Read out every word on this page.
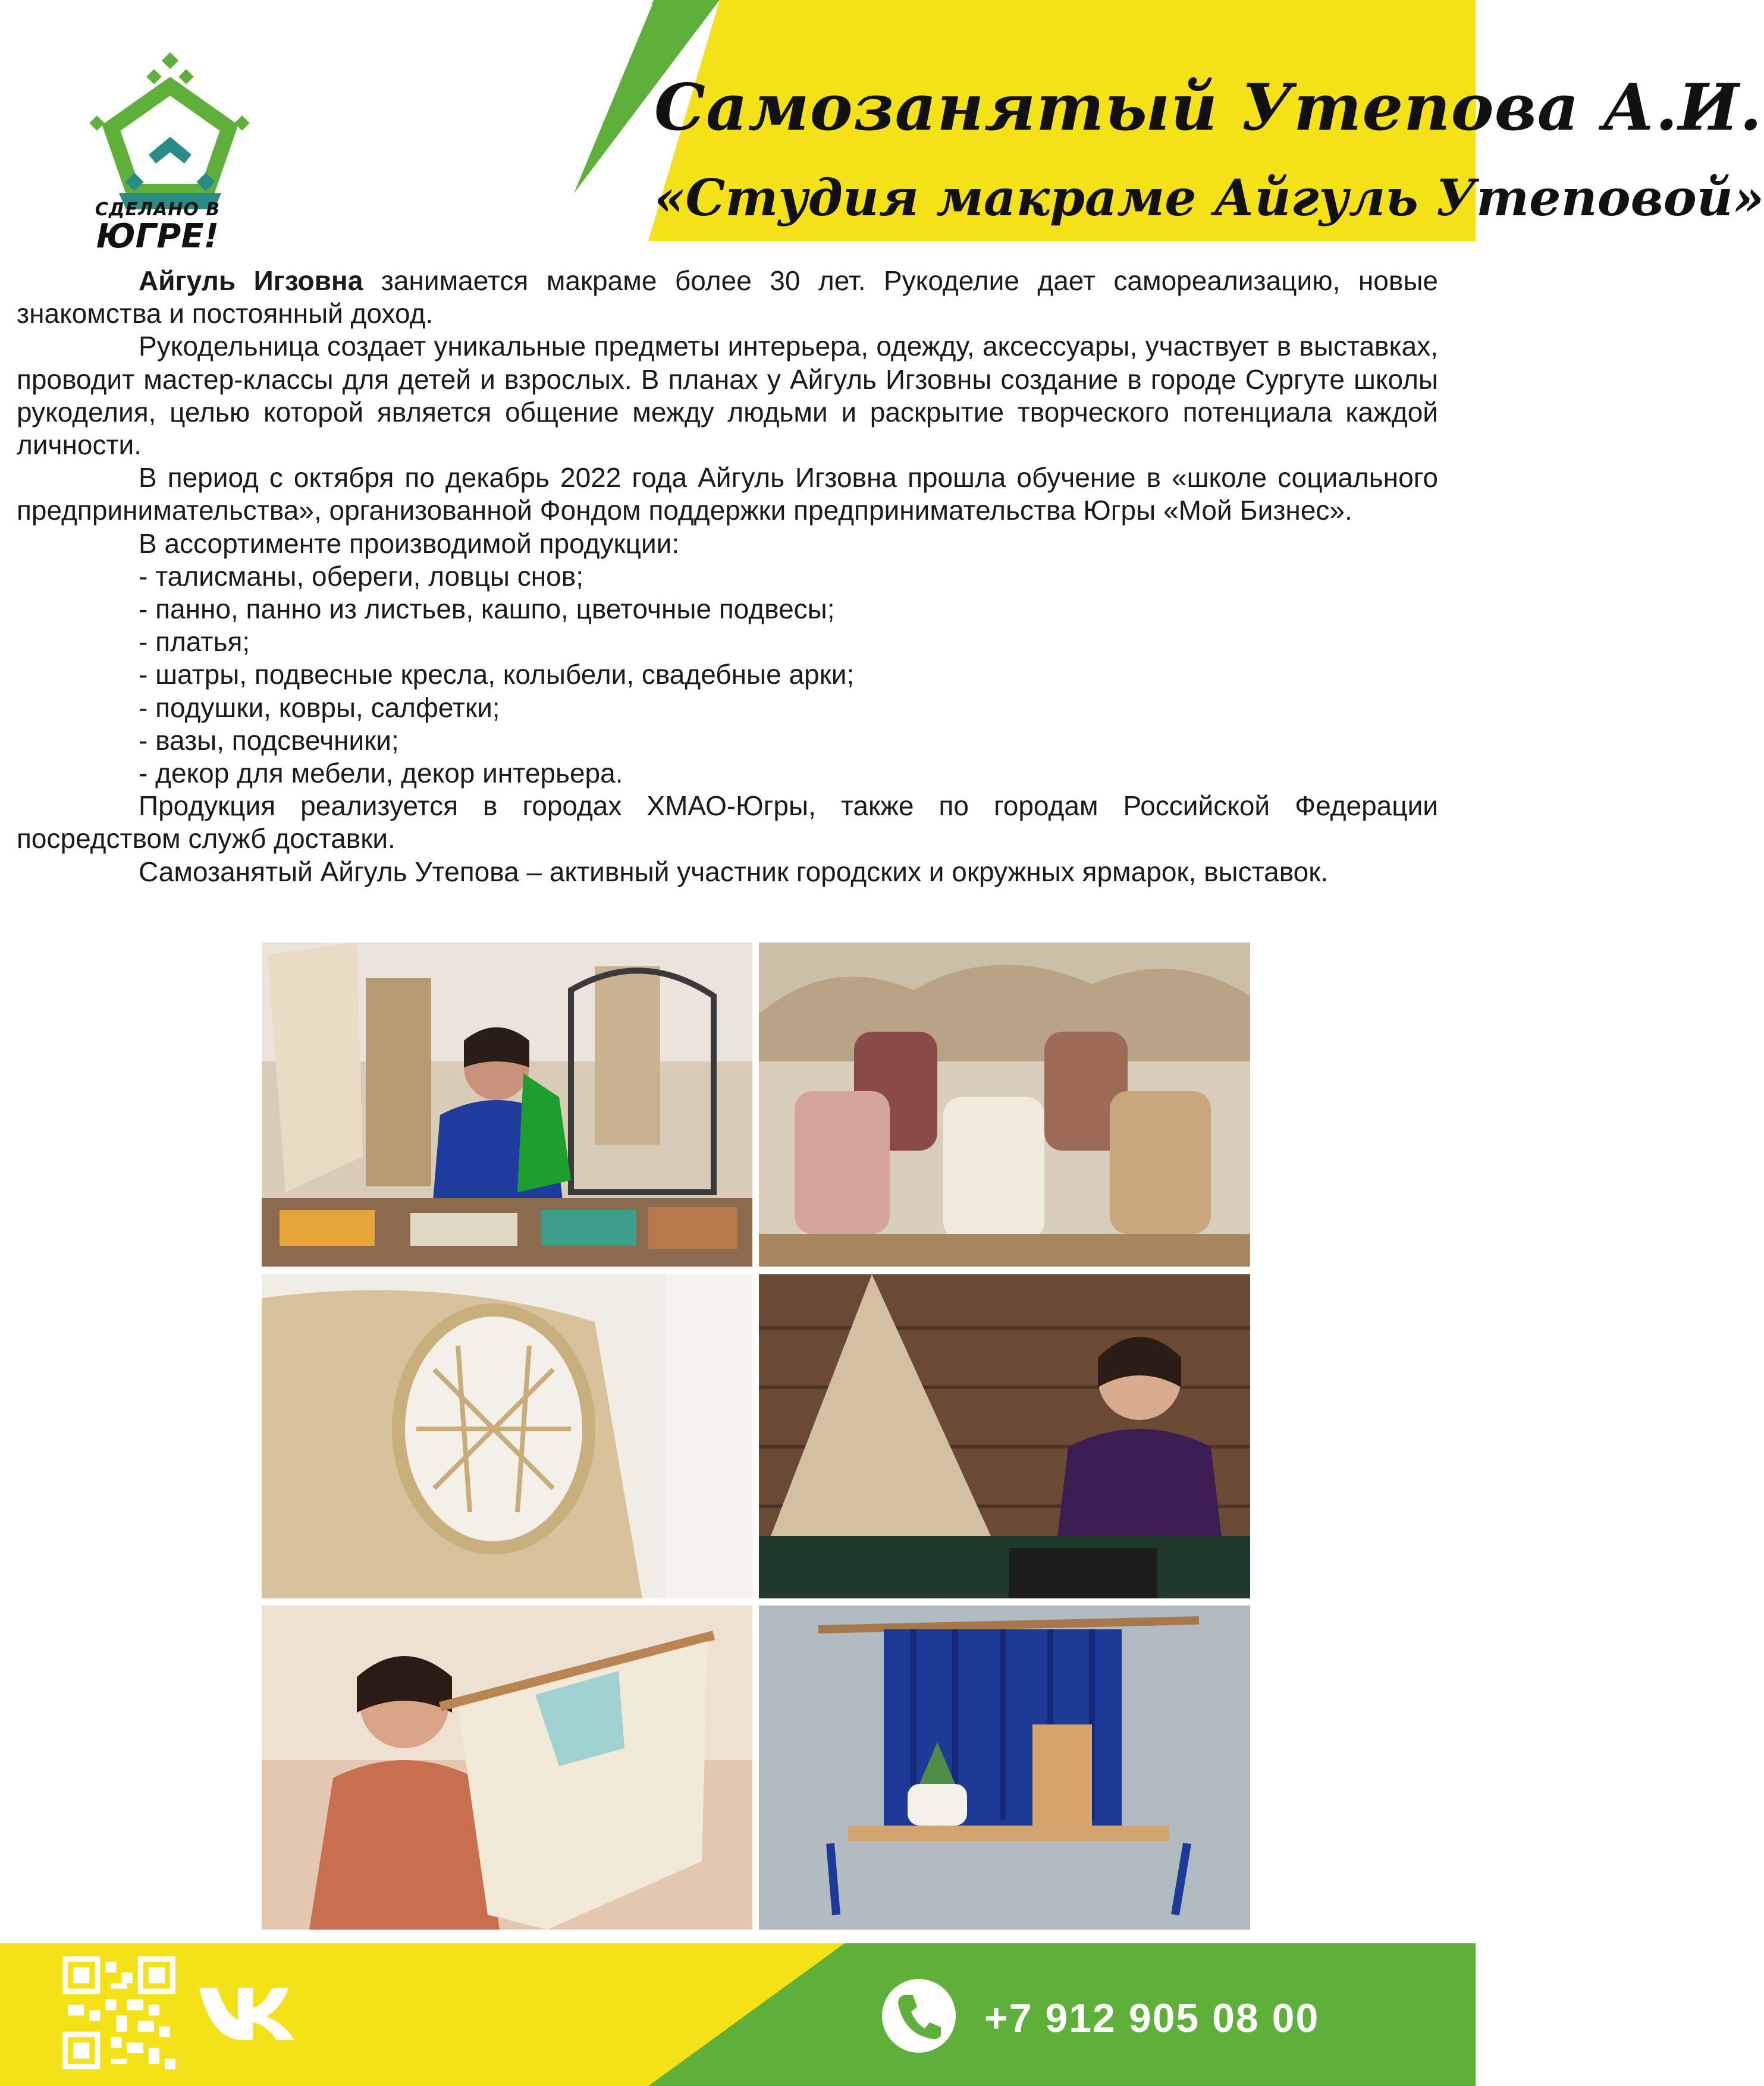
СДЕЛАНО В
ЮГРЕ!
Самозанятый Утепова А.И.
«Студия макраме Айгуль Утеповой»

Айгуль Игзовна занимается макраме более 30 лет. Рукоделие дает самореализацию, новые знакомства и постоянный доход.

Рукодельница создает уникальные предметы интерьера, одежду, аксессуары, участвует в выставках, проводит мастер-классы для детей и взрослых. В планах у Айгуль Игзовны создание в городе Сургуте школы рукоделия, целью которой является общение между людьми и раскрытие творческого потенциала каждой личности.

В период с октября по декабрь 2022 года Айгуль Игзовна прошла обучение в «школе социального предпринимательства», организованной Фондом поддержки предпринимательства Югры «Мой Бизнес».

В ассортименте производимой продукции:

- талисманы, обереги, ловцы снов;

- панно, панно из листьев, кашпо, цветочные подвесы;

- платья;

- шатры, подвесные кресла, колыбели, свадебные арки;

- подушки, ковры, салфетки;

- вазы, подсвечники;

- декор для мебели, декор интерьера.

Продукция реализуется в городах ХМАО-Югры, также по городам Российской Федерации посредством служб доставки.

Самозанятый Айгуль Утепова – активный участник городских и окружных ярмарок, выставок.

+7 912 905 08 00
